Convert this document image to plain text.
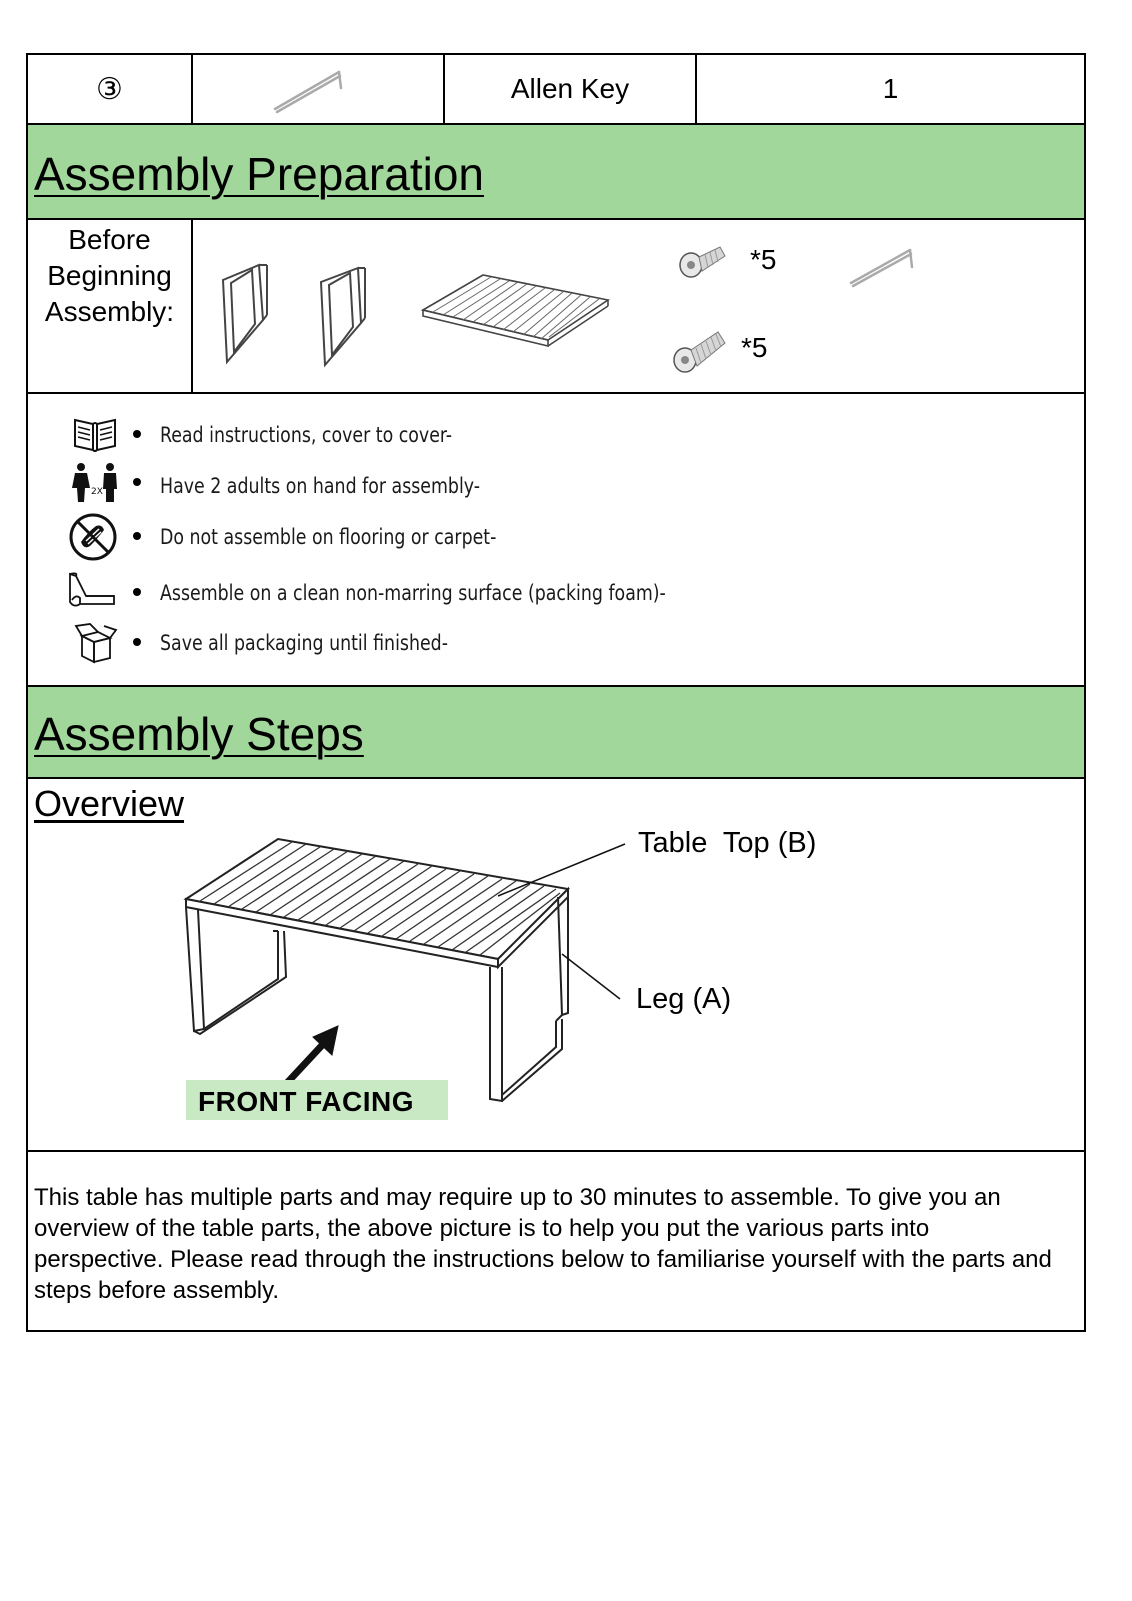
③	Allen Key	1
Assembly Preparation
Before
Beginning
Assembly:
*5
*5
Read instructions, cover to cover-
2X	Have 2 adults on hand for assembly-
Do not assemble on flooring or carpet-
Assemble on a clean non-marring surface (packing foam)-
Save all packaging until finished-
Assembly Steps
Overview
Table  Top (B)
Leg (A)
FRONT FACING
This table has multiple parts and may require up to 30 minutes to assemble. To give you an overview of the table parts, the above picture is to help you put the various parts into perspective. Please read through the instructions below to familiarise yourself with the parts and steps before assembly.
